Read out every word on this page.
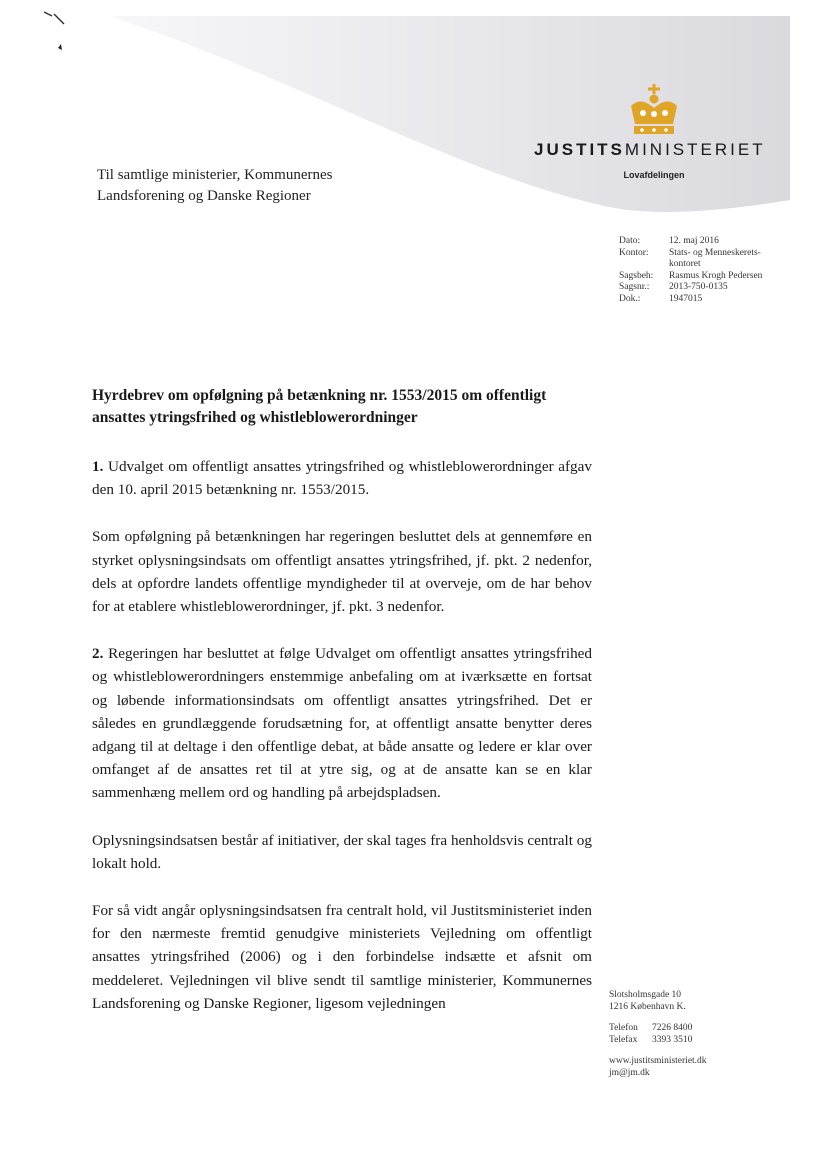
JUSTITSMINISTERIET
Lovafdelingen
Til samtlige ministerier, Kommunernes
Landsforening og Danske Regioner
Dato:	12. maj 2016
Kontor:	Stats- og Menneskerets-
kontoret
Sagsbeh:	Rasmus Krogh Pedersen
Sagsnr.:	2013-750-0135
Dok.:	1947015
Hyrdebrev om opfølgning på betænkning nr. 1553/2015 om offentligt ansattes ytringsfrihed og whistleblowerordninger

1. Udvalget om offentligt ansattes ytringsfrihed og whistleblowerordninger afgav den 10. april 2015 betænkning nr. 1553/2015.

Som opfølgning på betænkningen har regeringen besluttet dels at gennemføre en styrket oplysningsindsats om offentligt ansattes ytringsfrihed, jf. pkt. 2 nedenfor, dels at opfordre landets offentlige myndigheder til at overveje, om de har behov for at etablere whistleblowerordninger, jf. pkt. 3 nedenfor.

2. Regeringen har besluttet at følge Udvalget om offentligt ansattes ytringsfrihed og whistleblowerordningers enstemmige anbefaling om at iværksætte en fortsat og løbende informationsindsats om offentligt ansattes ytringsfrihed. Det er således en grundlæggende forudsætning for, at offentligt ansatte benytter deres adgang til at deltage i den offentlige debat, at både ansatte og ledere er klar over omfanget af de ansattes ret til at ytre sig, og at de ansatte kan se en klar sammenhæng mellem ord og handling på arbejdspladsen.

Oplysningsindsatsen består af initiativer, der skal tages fra henholdsvis centralt og lokalt hold.

For så vidt angår oplysningsindsatsen fra centralt hold, vil Justitsministeriet inden for den nærmeste fremtid genudgive ministeriets Vejledning om offentligt ansattes ytringsfrihed (2006) og i den forbindelse indsætte et afsnit om meddeleret. Vejledningen vil blive sendt til samtlige ministerier, Kommunernes Landsforening og Danske Regioner, ligesom vejledningen	Slotsholmsgade 10
1216 København K.
Telefon	7226 8400
Telefax	3393 3510
www.justitsministeriet.dk
jm@jm.dk
